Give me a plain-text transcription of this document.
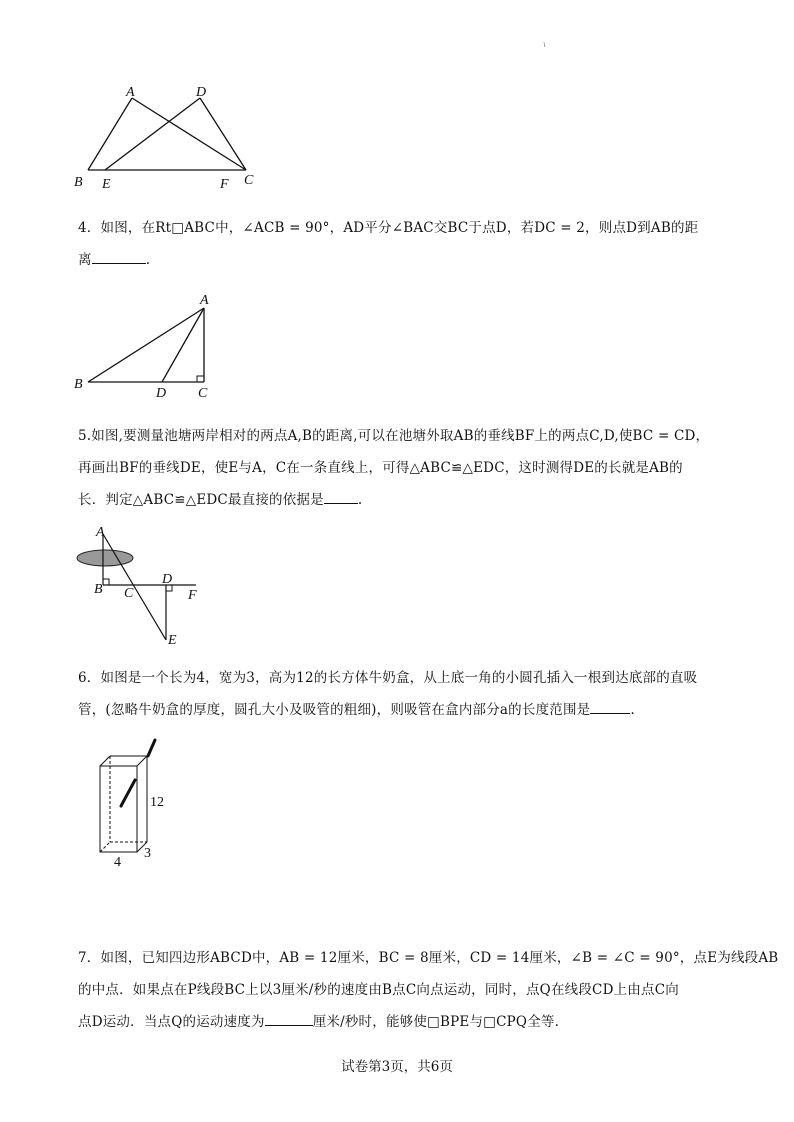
ι
A	D
B E	F C
4．如图，在Rt□ABC中，∠ACB = 90°，AD平分∠BAC交BC于点D，若DC = 2，则点D到AB的距
离	.
A
B
D C
5.如图,要测量池塘两岸相对的两点A,B的距离,可以在池塘外取AB的垂线BF上的两点C,D,使BC = CD，
再画出BF的垂线DE，使E与A，C在一条直线上，可得△ABC≌△EDC，这时测得DE的长就是AB的
长．判定△ABC≌△EDC最直接的依据是	.
A
B C
D
F
E
6．如图是一个长为4，宽为3，高为12的长方体牛奶盒，从上底一角的小圆孔插入一根到达底部的直吸
管，(忽略牛奶盒的厚度，圆孔大小及吸管的粗细)，则吸管在盒内部分a的长度范围是	.
12
4
3
7．如图，已知四边形ABCD中，AB = 12厘米，BC = 8厘米，CD = 14厘米，∠B = ∠C = 90°，点E为线段AB
的中点．如果点在P线段BC上以3厘米/秒的速度由B点C向点运动，同时，点Q在线段CD上由点C向
点D运动．当点Q的运动速度为	厘米/秒时，能够使□BPE与□CPQ全等.
试卷第3页，共6页
